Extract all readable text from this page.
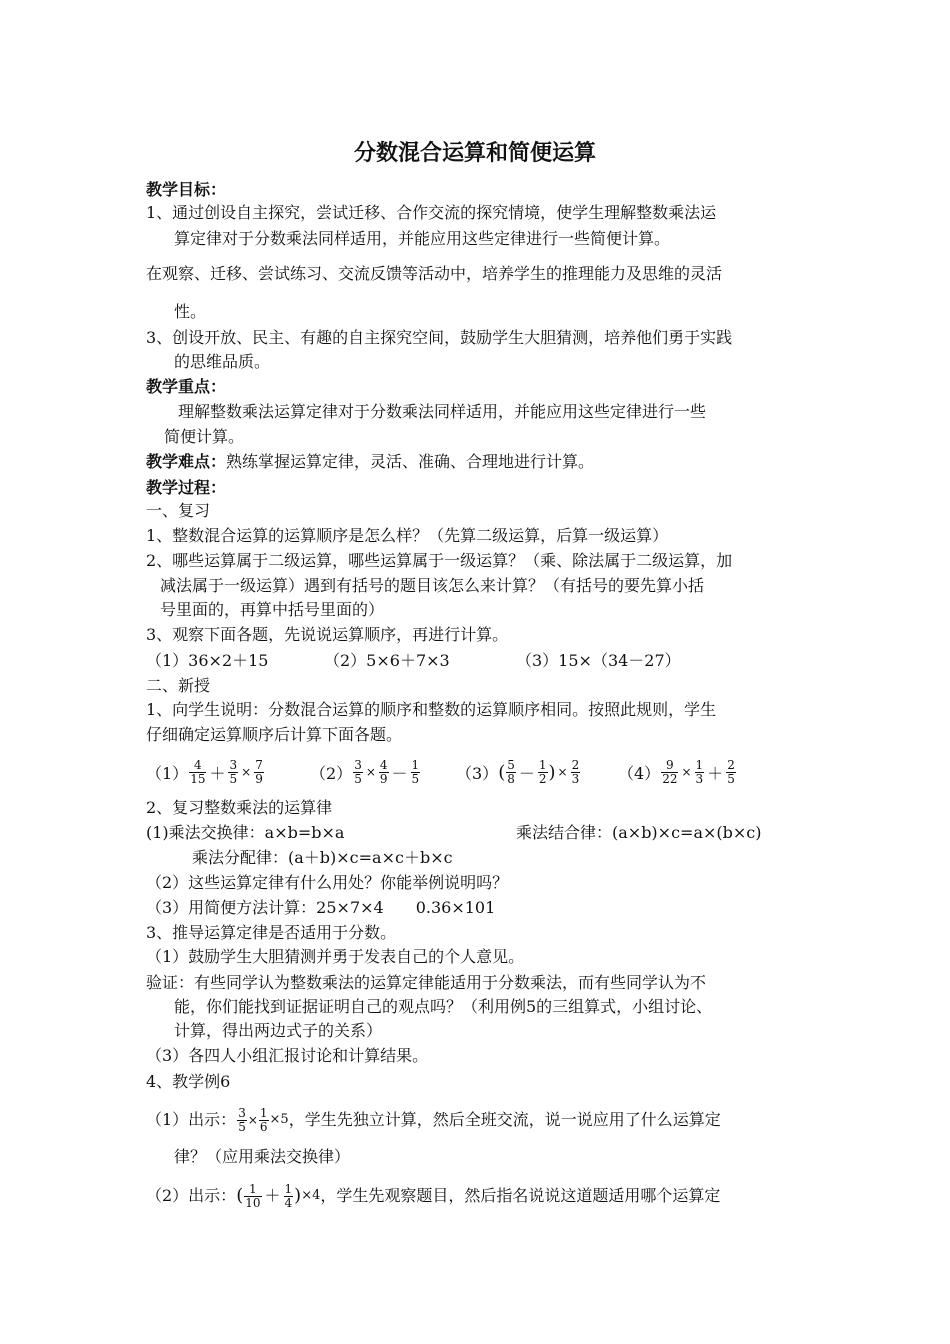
分数混合运算和简便运算
教学目标：
1、通过创设自主探究，尝试迁移、合作交流的探究情境，使学生理解整数乘法运
算定律对于分数乘法同样适用，并能应用这些定律进行一些简便计算。
在观察、迁移、尝试练习、交流反馈等活动中，培养学生的推理能力及思维的灵活
性。
3、创设开放、民主、有趣的自主探究空间，鼓励学生大胆猜测，培养他们勇于实践
的思维品质。
教学重点：
理解整数乘法运算定律对于分数乘法同样适用，并能应用这些定律进行一些
简便计算。
教学难点：熟练掌握运算定律，灵活、准确、合理地进行计算。
教学过程：
一、复习
1、整数混合运算的运算顺序是怎么样？（先算二级运算，后算一级运算）
2、哪些运算属于二级运算，哪些运算属于一级运算？（乘、除法属于二级运算，加
减法属于一级运算）遇到有括号的题目该怎么来计算？（有括号的要先算小括
号里面的，再算中括号里面的）
3、观察下面各题，先说说运算顺序，再进行计算。
（1）36×2＋15	（2）5×6＋7×3	（3）15×（34－27）
二、新授
1、向学生说明：分数混合运算的顺序和整数的运算顺序相同。按照此规则，学生
仔细确定运算顺序后计算下面各题。
$(1) \frac{4}{15} + \frac{3}{5} \times \frac{7}{9}$	$(2) \frac{3}{5} \times \frac{4}{9} - \frac{1}{5} (3)$ ( $\frac{5}{8} - \frac{1}{2}$ ) × $\frac{2}{3} (4) \frac{9}{22} \times \frac{1}{3} + \frac{2}{5}$
2、复习整数乘法的运算律
(1)乘法交换律：a×b=b×a	乘法结合律：(a×b)×c=a×(b×c)
乘法分配律：(a＋b)×c=a×c＋b×c
（2）这些运算定律有什么用处？你能举例说明吗？
（3）用简便方法计算：25×7×4　　0.36×101
3、推导运算定律是否适用于分数。
（1）鼓励学生大胆猜测并勇于发表自己的个人意见。
验证：有些同学认为整数乘法的运算定律能适用于分数乘法，而有些同学认为不
能，你们能找到证据证明自己的观点吗？（利用例5的三组算式，小组讨论、
计算，得出两边式子的关系）
（3）各四人小组汇报讨论和计算结果。
4、教学例6
（1）出示： $\frac{3}{5} \times \frac{1}{6} \times 5$ ，学生先独立计算，然后全班交流，说一说应用了什么运算定
律？（应用乘法交换律）
（2）出示： ( $\frac{1}{10} + \frac{1}{4}$ ) ×4 ，学生先观察题目，然后指名说说这道题适用哪个运算定
